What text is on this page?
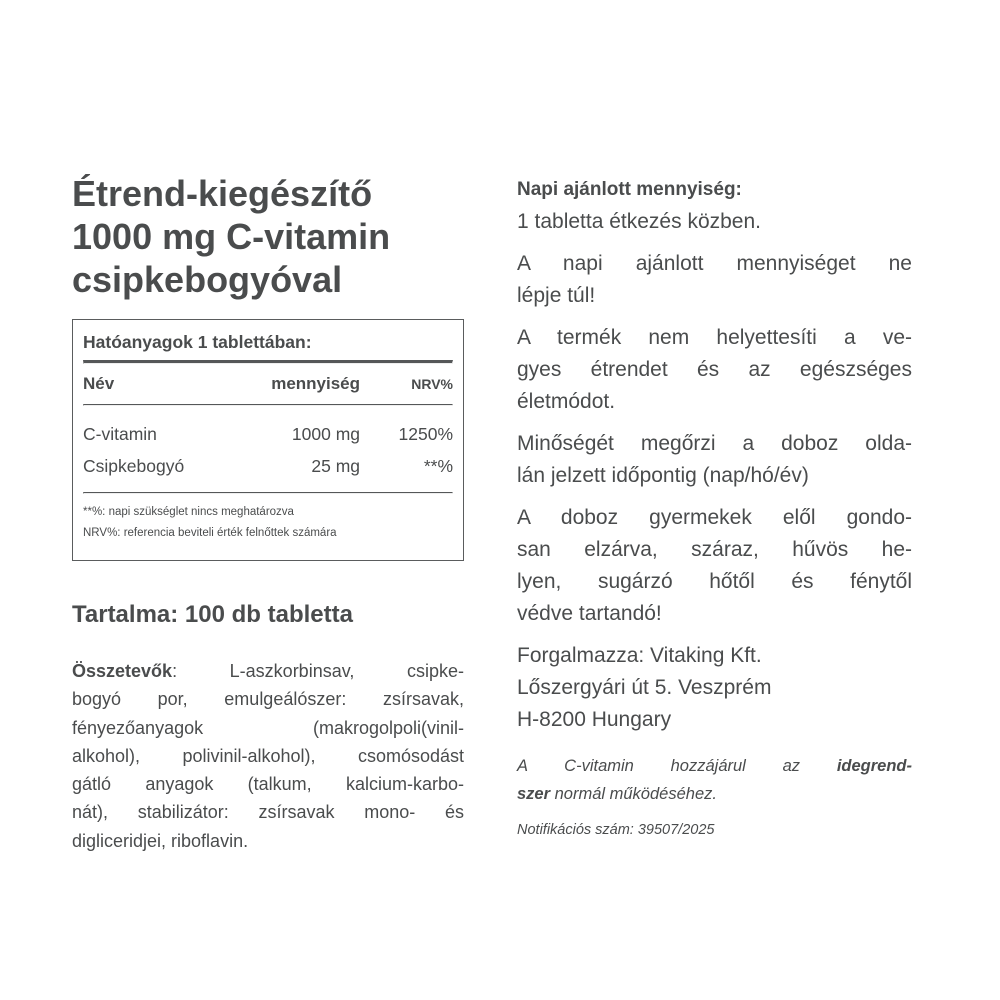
Étrend-kiegészítő
1000 mg C-vitamin
csipkebogyóval
Hatóanyagok 1 tablettában:
Név	mennyiség	NRV%
C-vitamin	1000 mg	1250%
Csipkebogyó	25 mg	**%
**%: napi szükséglet nincs meghatározva
NRV%: referencia beviteli érték felnőttek számára
Tartalma: 100 db tabletta
Összetevők: L-aszkorbinsav, csipke-
bogyó por, emulgeálószer: zsírsavak,
fényezőanyagok (makrogolpoli(vinil-
alkohol), polivinil-alkohol), csomósodást
gátló anyagok (talkum, kalcium-karbo-
nát), stabilizátor: zsírsavak mono- és
digliceridjei, riboflavin.

Napi ajánlott mennyiség:

1 tabletta étkezés közben.

A napi ajánlott mennyiséget ne
lépje túl!
A termék nem helyettesíti a ve-
gyes étrendet és az egészséges
életmódot.
Minőségét megőrzi a doboz olda-
lán jelzett időpontig (nap/hó/év)
A doboz gyermekek elől gondo-
san elzárva, száraz, hűvös he-
lyen, sugárzó hőtől és fénytől
védve tartandó!
Forgalmazza: Vitaking Kft.
Lőszergyári út 5. Veszprém
H-8200 Hungary
A C-vitamin hozzájárul az idegrend-
szer normál működéséhez.
Notifikációs szám: 39507/2025
